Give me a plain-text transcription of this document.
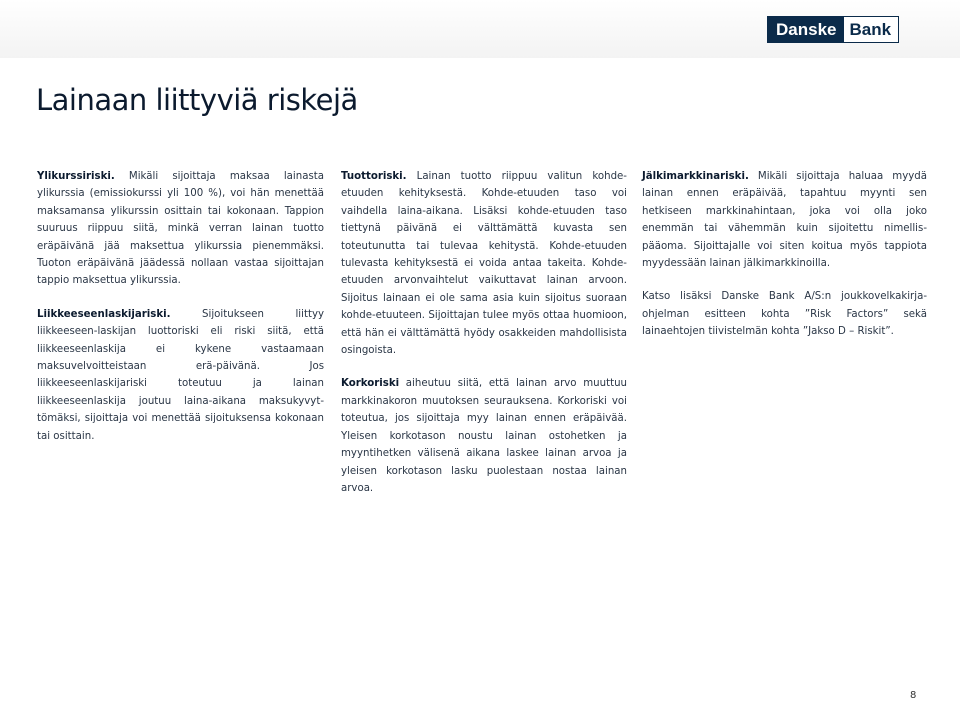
Danske Bank
Lainaan liittyviä riskejä

Ylikurssiriski. Mikäli sijoittaja maksaa lainasta ylikurssia (emissiokurssi yli 100 %), voi hän menettää maksamansa ylikurssin osittain tai kokonaan. Tappion suuruus riippuu siitä, minkä verran lainan tuotto eräpäivänä jää maksettua ylikurssia pienemmäksi. Tuoton eräpäivänä jäädessä nollaan vastaa sijoittajan tappio maksettua ylikurssia.

Liikkeeseenlaskijariski. Sijoitukseen liittyy liikkeeseen-laskijan luottoriski eli riski siitä, että liikkeeseenlaskija ei kykene vastaamaan maksuvelvoitteistaan erä-päivänä. Jos liikkeeseenlaskijariski toteutuu ja lainan liikkeeseenlaskija joutuu laina-aikana maksukyvyt-tömäksi, sijoittaja voi menettää sijoituksensa kokonaan tai osittain.

Tuottoriski. Lainan tuotto riippuu valitun kohde-etuuden kehityksestä. Kohde-etuuden taso voi vaihdella laina-aikana. Lisäksi kohde-etuuden taso tiettynä päivänä ei välttämättä kuvasta sen toteutunutta tai tulevaa kehitystä. Kohde-etuuden tulevasta kehityksestä ei voida antaa takeita. Kohde-etuuden arvonvaihtelut vaikuttavat lainan arvoon. Sijoitus lainaan ei ole sama asia kuin sijoitus suoraan kohde-etuuteen. Sijoittajan tulee myös ottaa huomioon, että hän ei välttämättä hyödy osakkeiden mahdollisista osingoista.

Korkoriski aiheutuu siitä, että lainan arvo muuttuu markkinakoron muutoksen seurauksena. Korkoriski voi toteutua, jos sijoittaja myy lainan ennen eräpäivää. Yleisen korkotason noustu lainan ostohetken ja myyntihetken välisenä aikana laskee lainan arvoa ja yleisen korkotason lasku puolestaan nostaa lainan arvoa.

Jälkimarkkinariski. Mikäli sijoittaja haluaa myydä lainan ennen eräpäivää, tapahtuu myynti sen hetkiseen markkinahintaan, joka voi olla joko enemmän tai vähemmän kuin sijoitettu nimellis-pääoma. Sijoittajalle voi siten koitua myös tappiota myydessään lainan jälkimarkkinoilla.

Katso lisäksi Danske Bank A/S:n joukkovelkakirja-ohjelman esitteen kohta ”Risk Factors” sekä lainaehtojen tiivistelmän kohta ”Jakso D – Riskit”.

8
